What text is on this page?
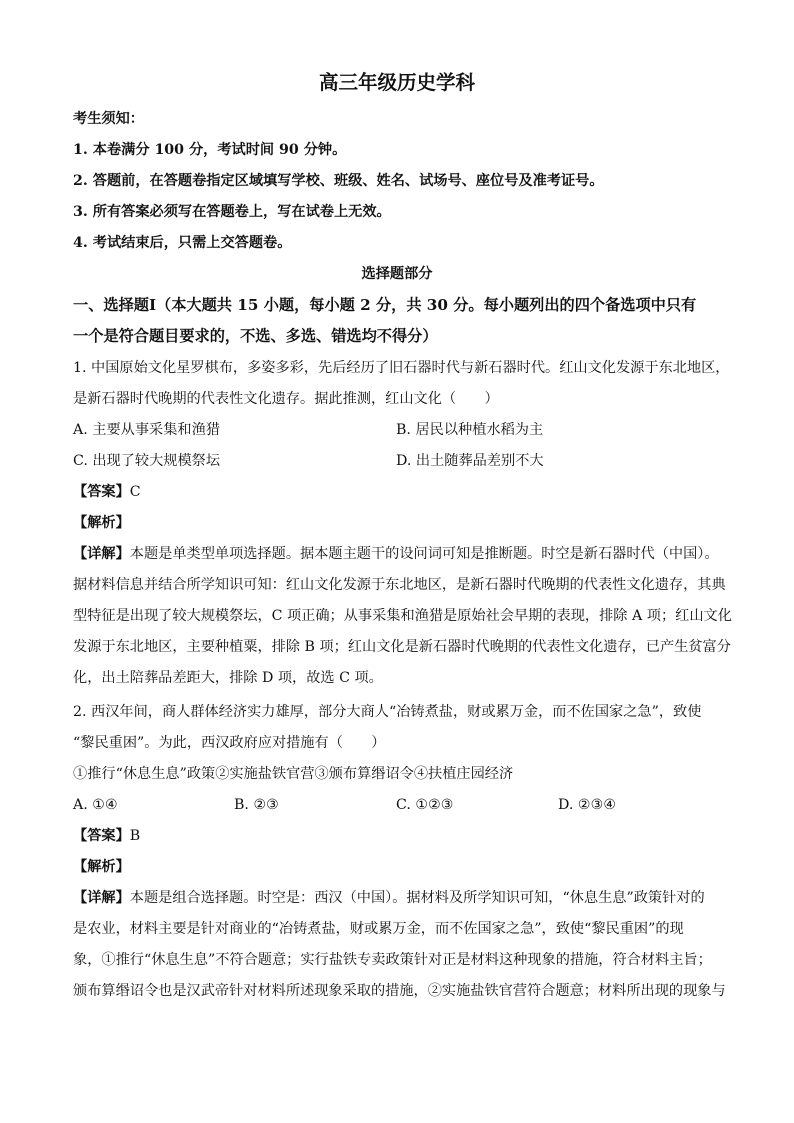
高三年级历史学科
考生须知：
1. 本卷满分 100 分，考试时间 90 分钟。
2. 答题前，在答题卷指定区域填写学校、班级、姓名、试场号、座位号及准考证号。
3. 所有答案必须写在答题卷上，写在试卷上无效。
4. 考试结束后，只需上交答题卷。
选择题部分
一、选择题Ⅰ（本大题共 15 小题，每小题 2 分，共 30 分。每小题列出的四个备选项中只有
一个是符合题目要求的，不选、多选、错选均不得分）
1. 中国原始文化星罗棋布，多姿多彩，先后经历了旧石器时代与新石器时代。红山文化发源于东北地区，
是新石器时代晚期的代表性文化遗存。据此推测，红山文化（　　）
A. 主要从事采集和渔猎	B. 居民以种植水稻为主
C. 出现了较大规模祭坛	D. 出土随葬品差别不大
【答案】C
【解析】
【详解】本题是单类型单项选择题。据本题主题干的设问词可知是推断题。时空是新石器时代（中国）。
据材料信息并结合所学知识可知：红山文化发源于东北地区，是新石器时代晚期的代表性文化遗存，其典
型特征是出现了较大规模祭坛，C 项正确；从事采集和渔猎是原始社会早期的表现，排除 A 项；红山文化
发源于东北地区，主要种植粟，排除 B 项；红山文化是新石器时代晚期的代表性文化遗存，已产生贫富分
化，出土陪葬品差距大，排除 D 项，故选 C 项。
2. 西汉年间，商人群体经济实力雄厚，部分大商人“冶铸煮盐，财或累万金，而不佐国家之急”，致使
“黎民重困”。为此，西汉政府应对措施有（　　）
①推行“休息生息”政策②实施盐铁官营③颁布算缗诏令④扶植庄园经济
A. ①④	B. ②③	C. ①②③	D. ②③④
【答案】B
【解析】
【详解】本题是组合选择题。时空是：西汉（中国）。据材料及所学知识可知，“休息生息”政策针对的
是农业，材料主要是针对商业的“冶铸煮盐，财或累万金，而不佐国家之急”，致使“黎民重困”的现
象，①推行“休息生息”不符合题意；实行盐铁专卖政策针对正是材料这种现象的措施，符合材料主旨；
颁布算缗诏令也是汉武帝针对材料所述现象采取的措施，②实施盐铁官营符合题意；材料所出现的现象与
